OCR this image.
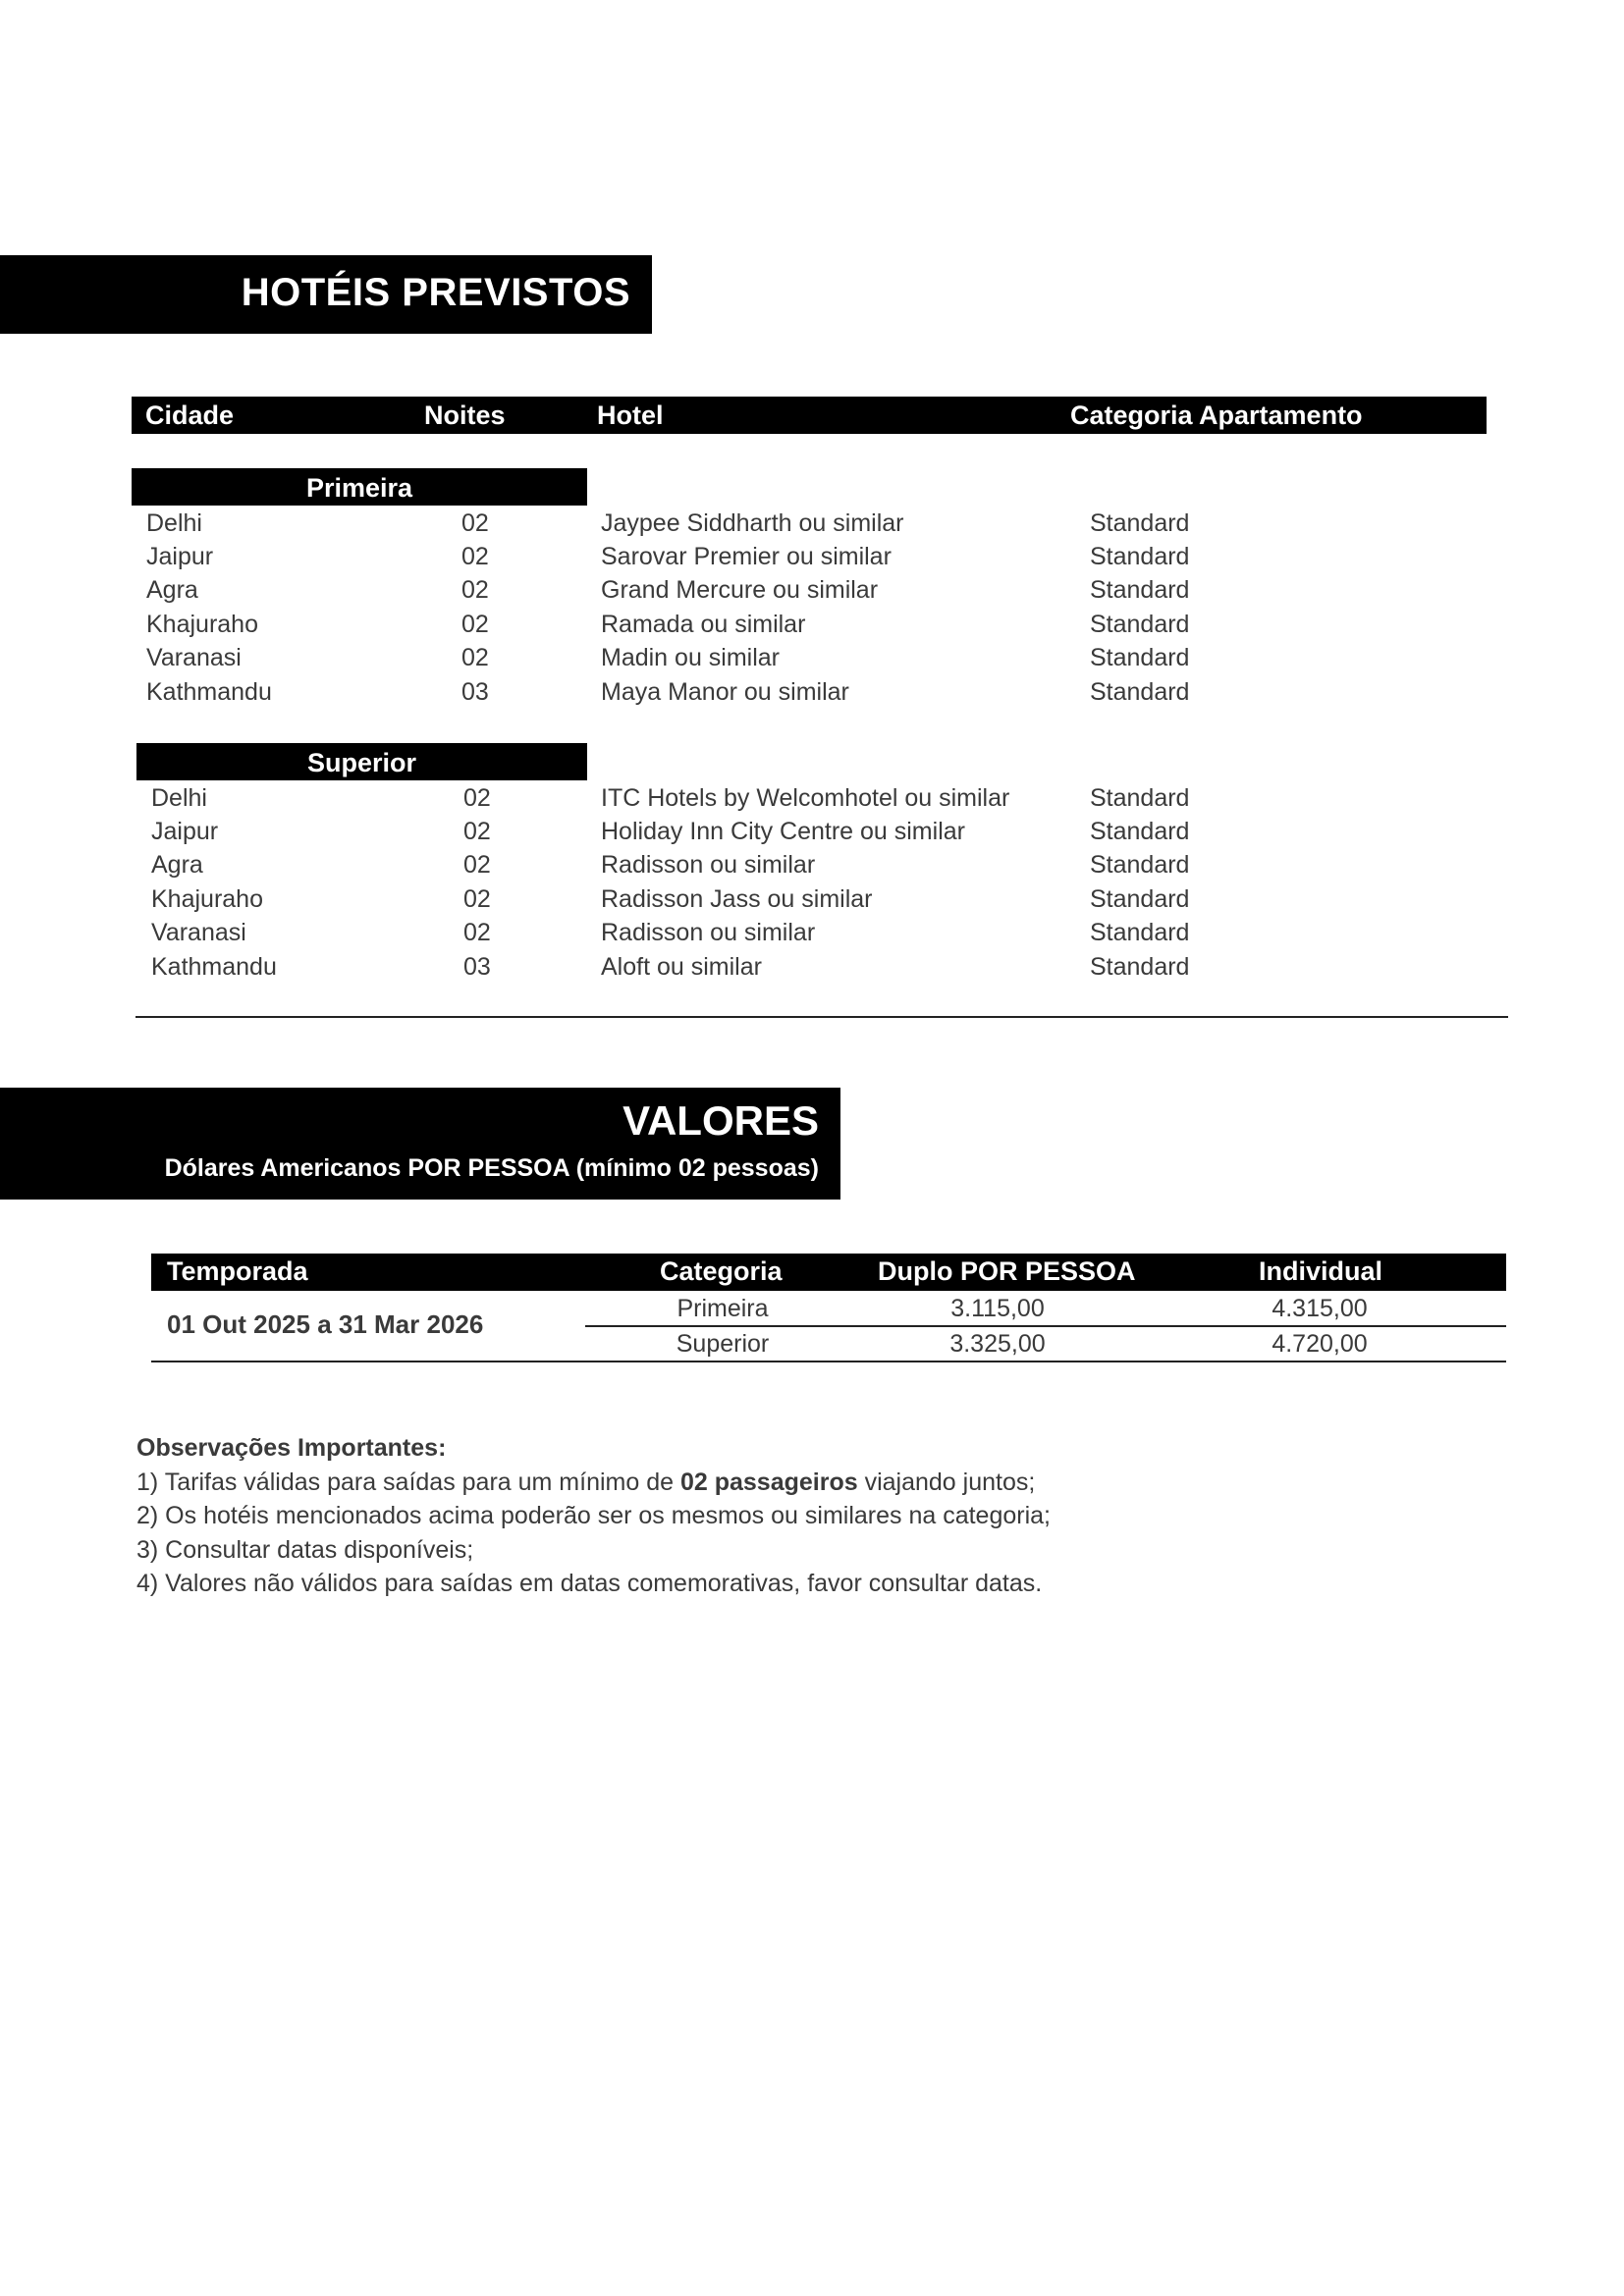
HOTÉIS PREVISTOS
Cidade	Noites	Hotel	Categoria Apartamento
Primeira
Delhi	02	Jaypee Siddharth ou similar	Standard
Jaipur	02	Sarovar Premier ou similar	Standard
Agra	02	Grand Mercure ou similar	Standard
Khajuraho	02	Ramada ou similar	Standard
Varanasi	02	Madin ou similar	Standard
Kathmandu	03	Maya Manor ou similar	Standard
Superior
Delhi	02	ITC Hotels by Welcomhotel ou similar	Standard
Jaipur	02	Holiday Inn City Centre ou similar	Standard
Agra	02	Radisson ou similar	Standard
Khajuraho	02	Radisson Jass ou similar	Standard
Varanasi	02	Radisson ou similar	Standard
Kathmandu	03	Aloft ou similar	Standard
VALORES
Dólares Americanos POR PESSOA (mínimo 02 pessoas)
Temporada	Categoria	Duplo POR PESSOA	Individual
01 Out 2025 a 31 Mar 2026
Primeira	3.115,00	4.315,00
Superior	3.325,00	4.720,00
Observações Importantes:
1) Tarifas válidas para saídas para um mínimo de 02 passageiros viajando juntos;
2) Os hotéis mencionados acima poderão ser os mesmos ou similares na categoria;
3) Consultar datas disponíveis;
4) Valores não válidos para saídas em datas comemorativas, favor consultar datas.
